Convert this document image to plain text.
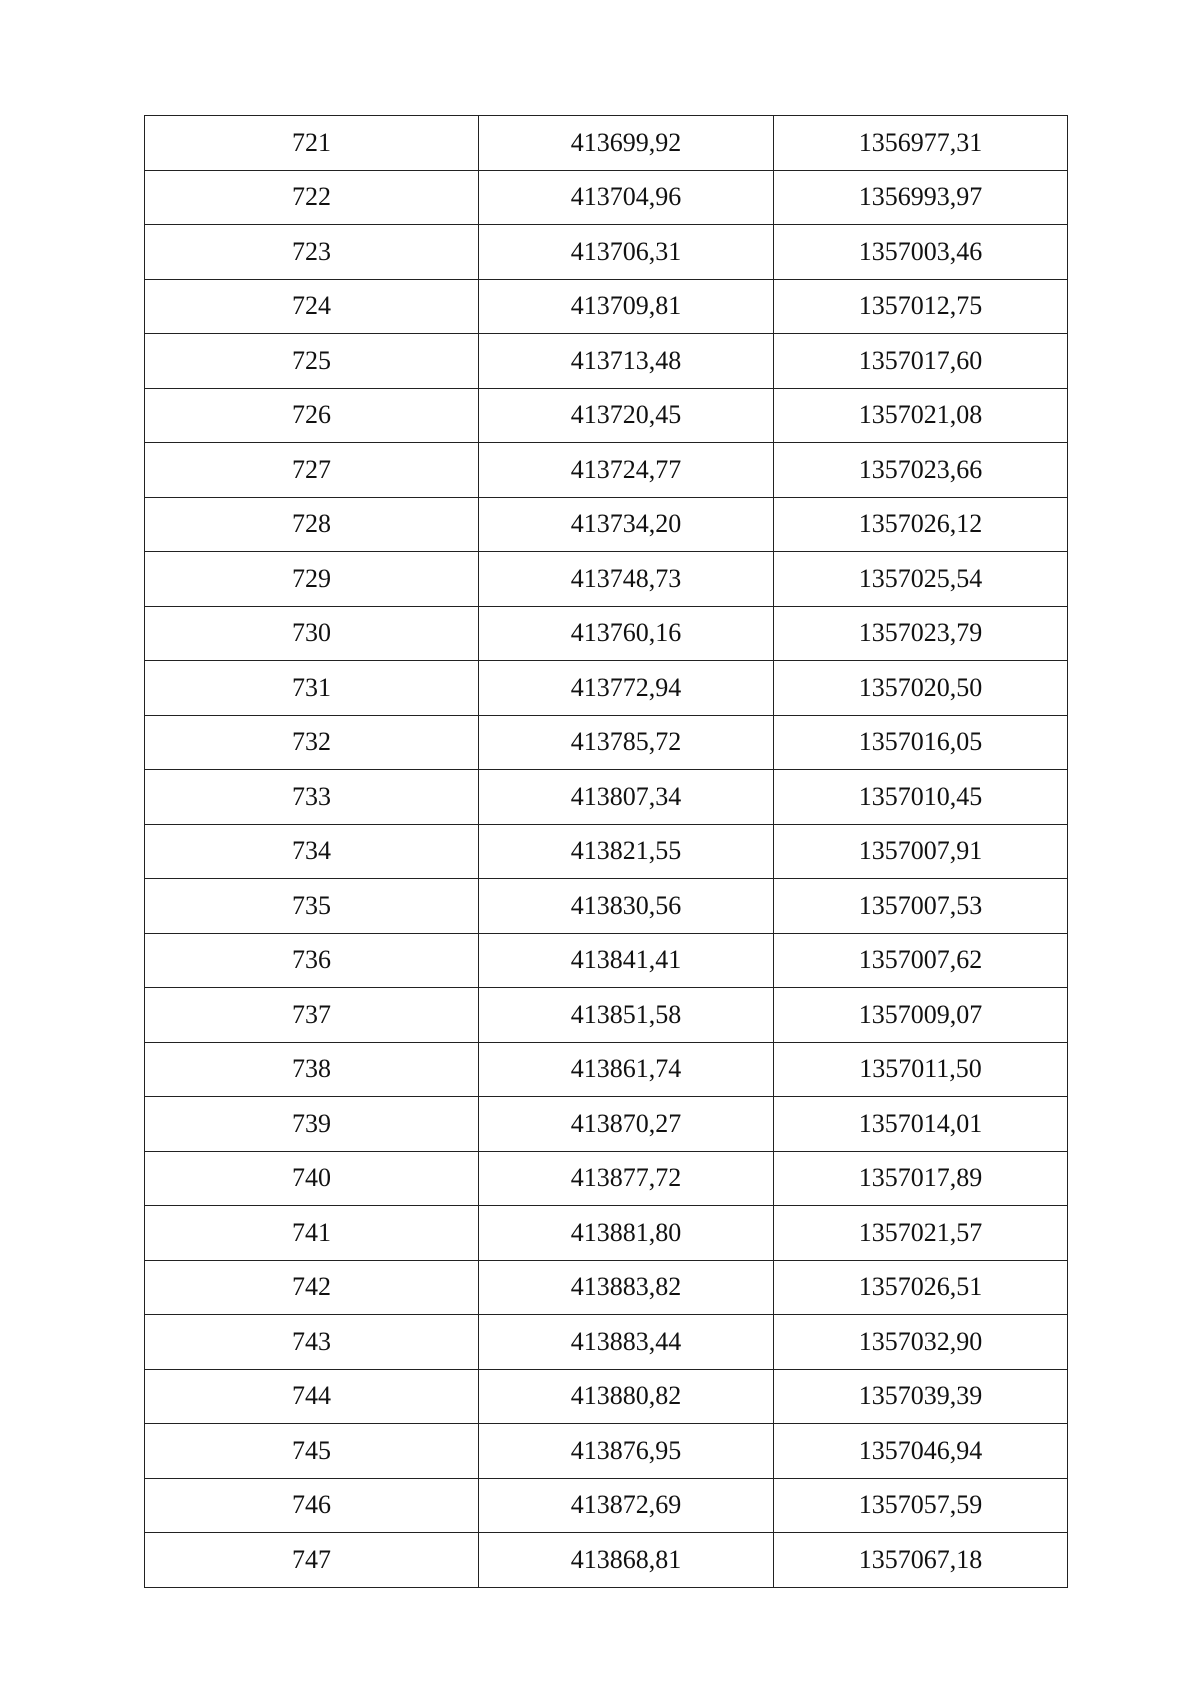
721	413699,92	1356977,31
722	413704,96	1356993,97
723	413706,31	1357003,46
724	413709,81	1357012,75
725	413713,48	1357017,60
726	413720,45	1357021,08
727	413724,77	1357023,66
728	413734,20	1357026,12
729	413748,73	1357025,54
730	413760,16	1357023,79
731	413772,94	1357020,50
732	413785,72	1357016,05
733	413807,34	1357010,45
734	413821,55	1357007,91
735	413830,56	1357007,53
736	413841,41	1357007,62
737	413851,58	1357009,07
738	413861,74	1357011,50
739	413870,27	1357014,01
740	413877,72	1357017,89
741	413881,80	1357021,57
742	413883,82	1357026,51
743	413883,44	1357032,90
744	413880,82	1357039,39
745	413876,95	1357046,94
746	413872,69	1357057,59
747	413868,81	1357067,18
